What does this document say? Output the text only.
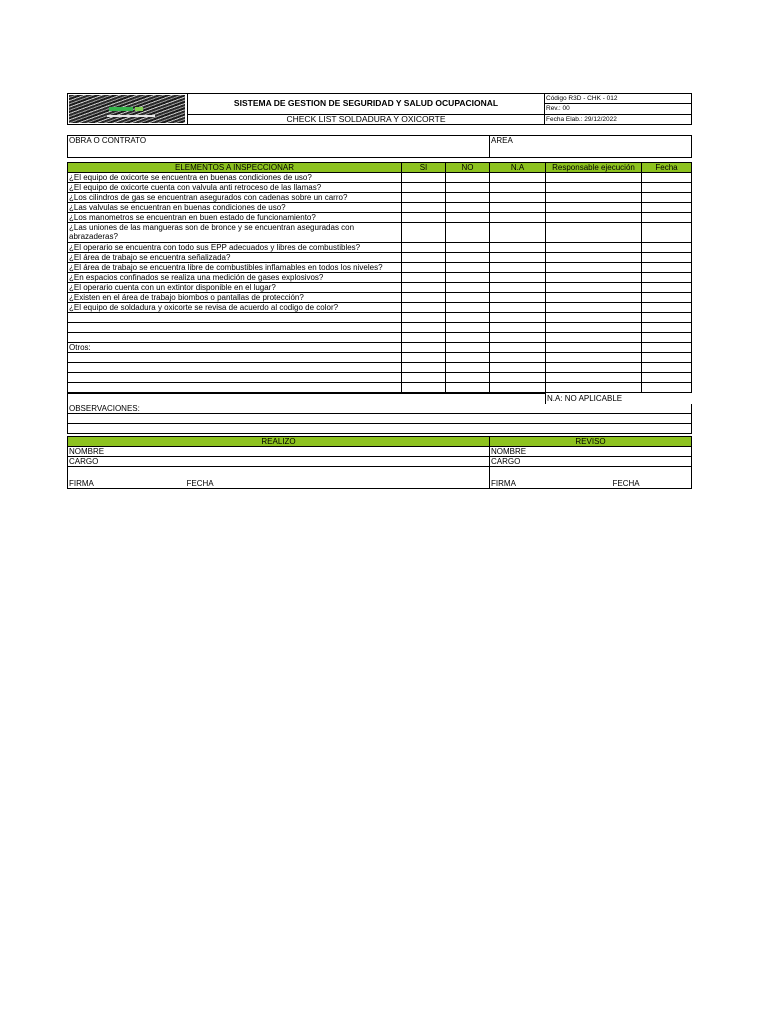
	SISTEMA DE GESTION DE SEGURIDAD Y SALUD OCUPACIONAL	Código R3D - CHK - 012
		Rev.: 00
	CHECK LIST SOLDADURA Y OXICORTE	Fecha Elab.: 29/12/2022
OBRA O CONTRATO	AREA
ELEMENTOS A INSPECCIONAR	SI	NO	N.A	Responsable ejecución	Fecha
¿El equipo de oxicorte se encuentra en buenas condiciones de uso?					
¿El equipo de oxicorte cuenta con valvula anti retroceso de las llamas?					
¿Los cilindros de gas se encuentran asegurados con cadenas sobre un carro?					
¿Las valvulas se encuentran en buenas condiciones de uso?					
¿Los manometros se encuentran en buen estado de funcionamiento?					
¿Las uniones de las mangueras son de bronce y se encuentran aseguradas con abrazaderas?					
¿El operario se encuentra con todo sus EPP adecuados y libres de combustibles?					
¿El área de trabajo se encuentra señalizada?					
¿El área de trabajo se encuentra libre de combustibles inflamables en todos los niveles?					
¿En espacios confinados se realiza una medición de gases explosivos?					
¿El operario cuenta con un extintor disponible en el lugar?					
¿Existen en el área de trabajo biombos o pantallas de protección?					
¿El equipo de soldadura y oxicorte se revisa de acuerdo al codigo de color?					

Otros:					

	N.A: NO APLICABLE
OBSERVACIONES:

REALIZO		REVISO	
NOMBRE		NOMBRE	
CARGO		CARGO	
FIRMA	FECHA	FIRMA	FECHA
